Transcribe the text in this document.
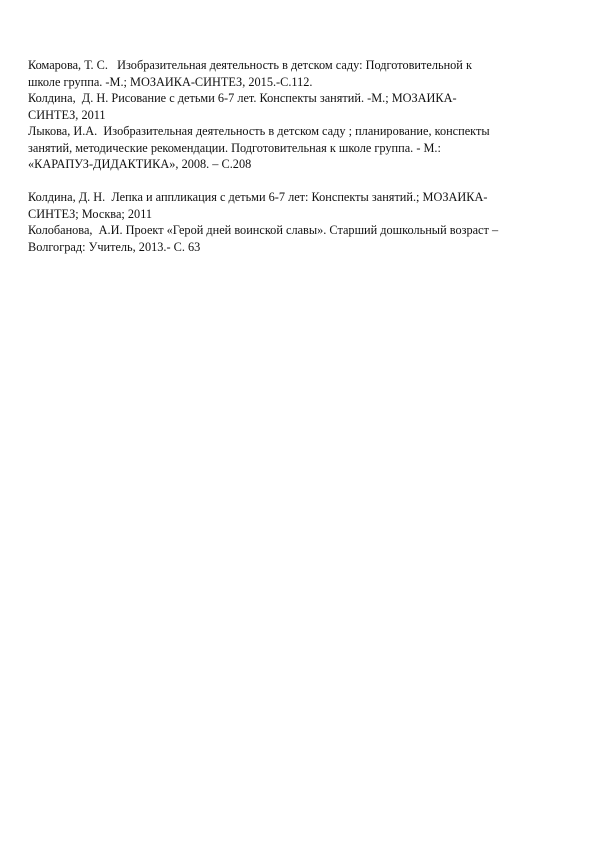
Комарова, Т. С.   Изобразительная деятельность в детском саду: Подготовительной к
школе группа. -М.; МОЗАИКА-СИНТЕЗ, 2015.-С.112.
Колдина,  Д. Н. Рисование с детьми 6-7 лет. Конспекты занятий. -М.; МОЗАИКА-
СИНТЕЗ, 2011
Лыкова, И.А.  Изобразительная деятельность в детском саду ; планирование, конспекты
занятий, методические рекомендации. Подготовительная к школе группа. - М.:
«КАРАПУЗ-ДИДАКТИКА», 2008. – С.208
Колдина, Д. Н.  Лепка и аппликация с детьми 6-7 лет: Конспекты занятий.; МОЗАИКА-
СИНТЕЗ; Москва; 2011
Колобанова,  А.И. Проект «Герой дней воинской славы». Старший дошкольный возраст –
Волгоград: Учитель, 2013.- С. 63
